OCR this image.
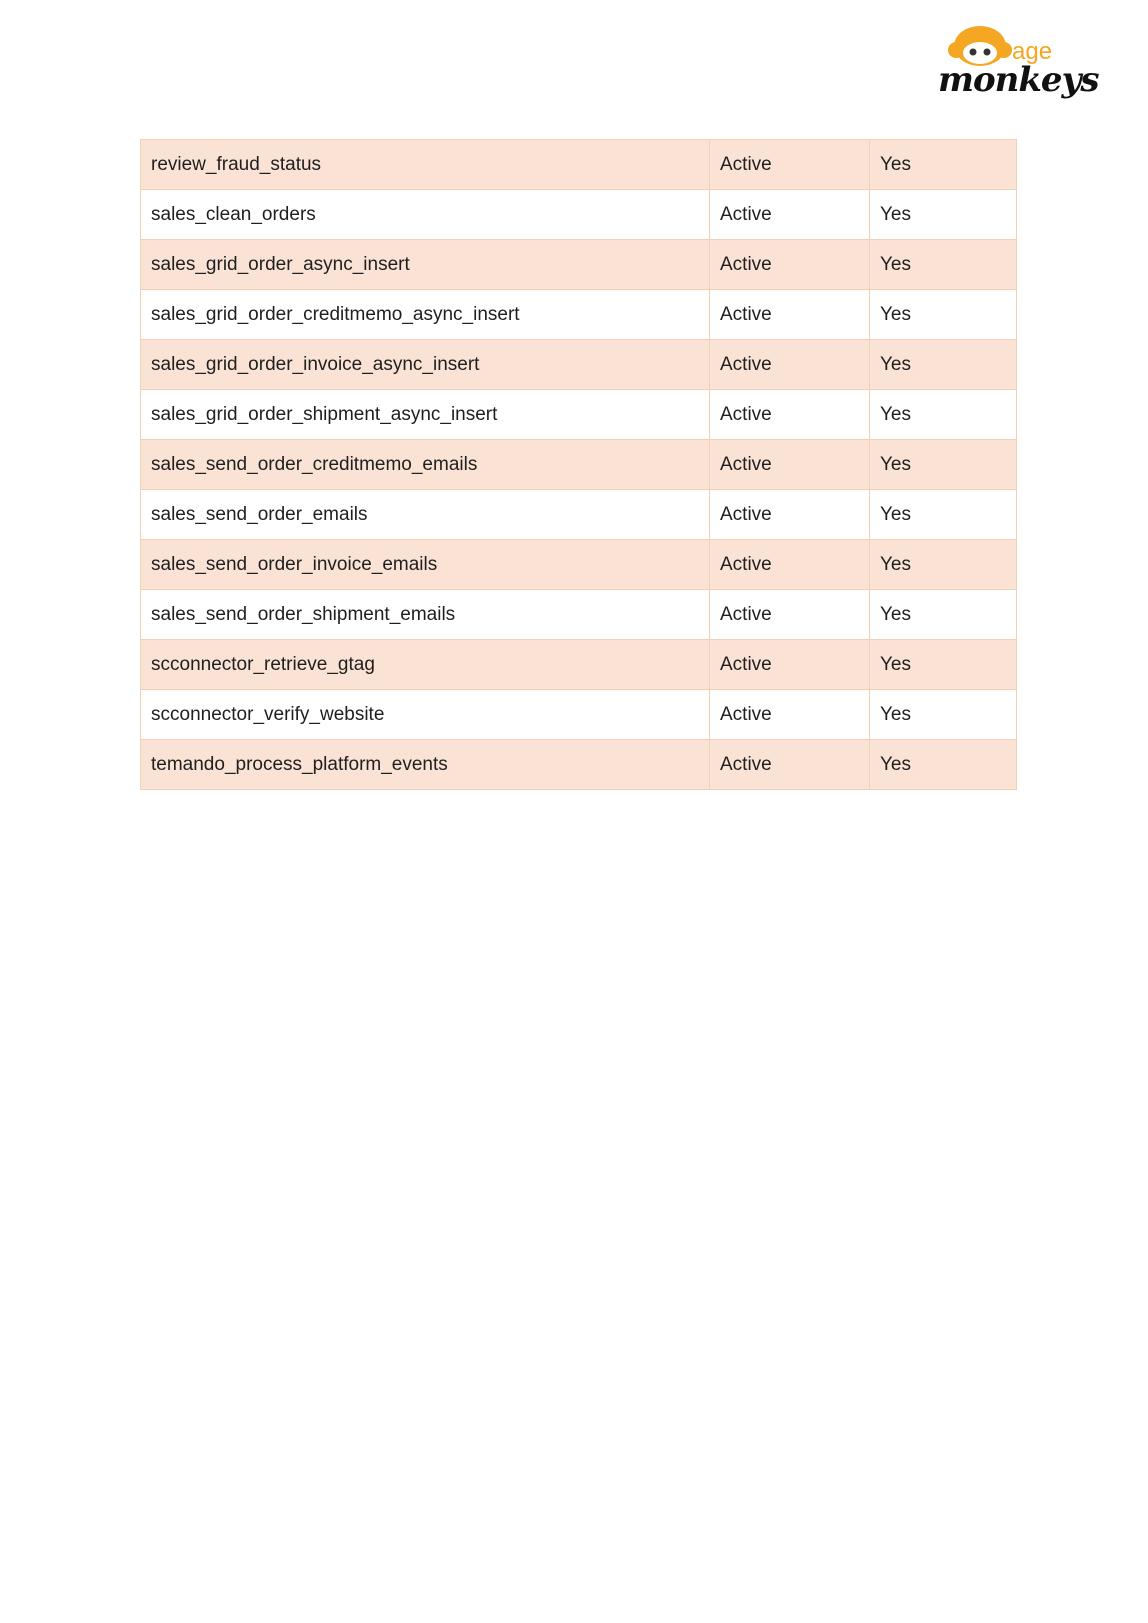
age
monkeys
review_fraud_status	Active	Yes
sales_clean_orders	Active	Yes
sales_grid_order_async_insert	Active	Yes
sales_grid_order_creditmemo_async_insert	Active	Yes
sales_grid_order_invoice_async_insert	Active	Yes
sales_grid_order_shipment_async_insert	Active	Yes
sales_send_order_creditmemo_emails	Active	Yes
sales_send_order_emails	Active	Yes
sales_send_order_invoice_emails	Active	Yes
sales_send_order_shipment_emails	Active	Yes
scconnector_retrieve_gtag	Active	Yes
scconnector_verify_website	Active	Yes
temando_process_platform_events	Active	Yes
